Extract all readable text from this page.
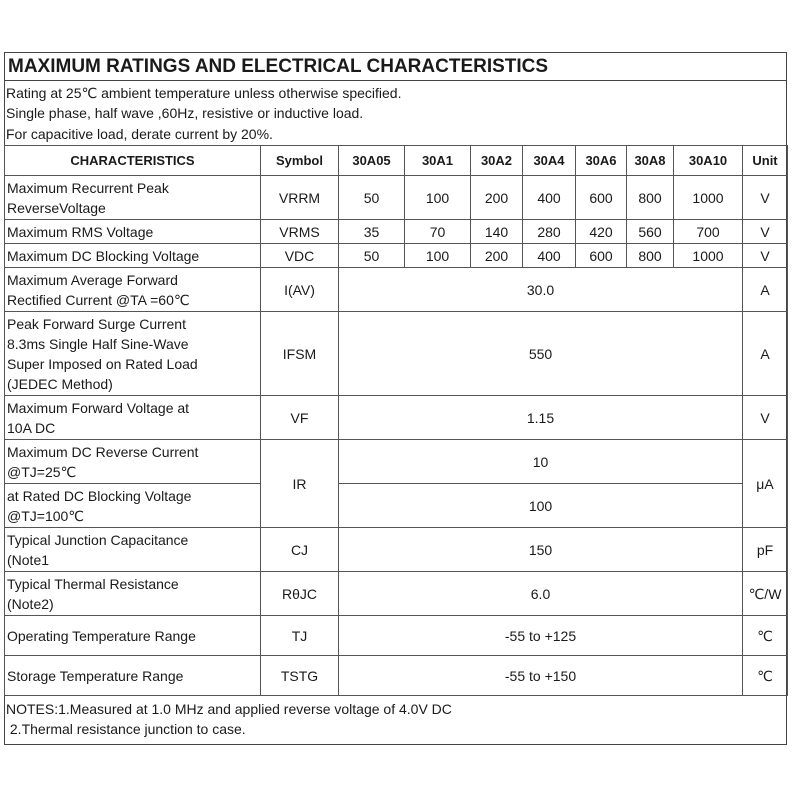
MAXIMUM RATINGS AND ELECTRICAL CHARACTERISTICS
Rating at 25℃ ambient temperature unless otherwise specified.
Single phase, half wave ,60Hz, resistive or inductive load.
For capacitive load, derate current by 20%.
CHARACTERISTICS	Symbol	30A05	30A1	30A2	30A4	30A6	30A8	30A10	Unit
Maximum Recurrent Peak
ReverseVoltage	VRRM	50	100	200	400	600	800	1000	V
Maximum RMS Voltage	VRMS	35	70	140	280	420	560	700	V
Maximum DC Blocking Voltage	VDC	50	100	200	400	600	800	1000	V
Maximum Average Forward
Rectified Current @TA =60℃	I(AV)	30.0							A
Peak Forward Surge Current
8.3ms Single Half Sine-Wave
Super Imposed on Rated Load
(JEDEC Method)	IFSM	550							A
Maximum Forward Voltage at
10A DC	VF	1.15							V
Maximum DC Reverse Current
@TJ=25℃	IR	10							μA
at Rated DC Blocking Voltage
@TJ=100℃		100							
Typical Junction Capacitance
(Note1	CJ	150							pF
Typical Thermal Resistance
(Note2)	RθJC	6.0							℃/W
Operating Temperature Range	TJ	-55 to +125							℃
Storage Temperature Range	TSTG	-55 to +150							℃
NOTES:1.Measured at 1.0 MHz and applied reverse voltage of 4.0V DC
2.Thermal resistance junction to case.
